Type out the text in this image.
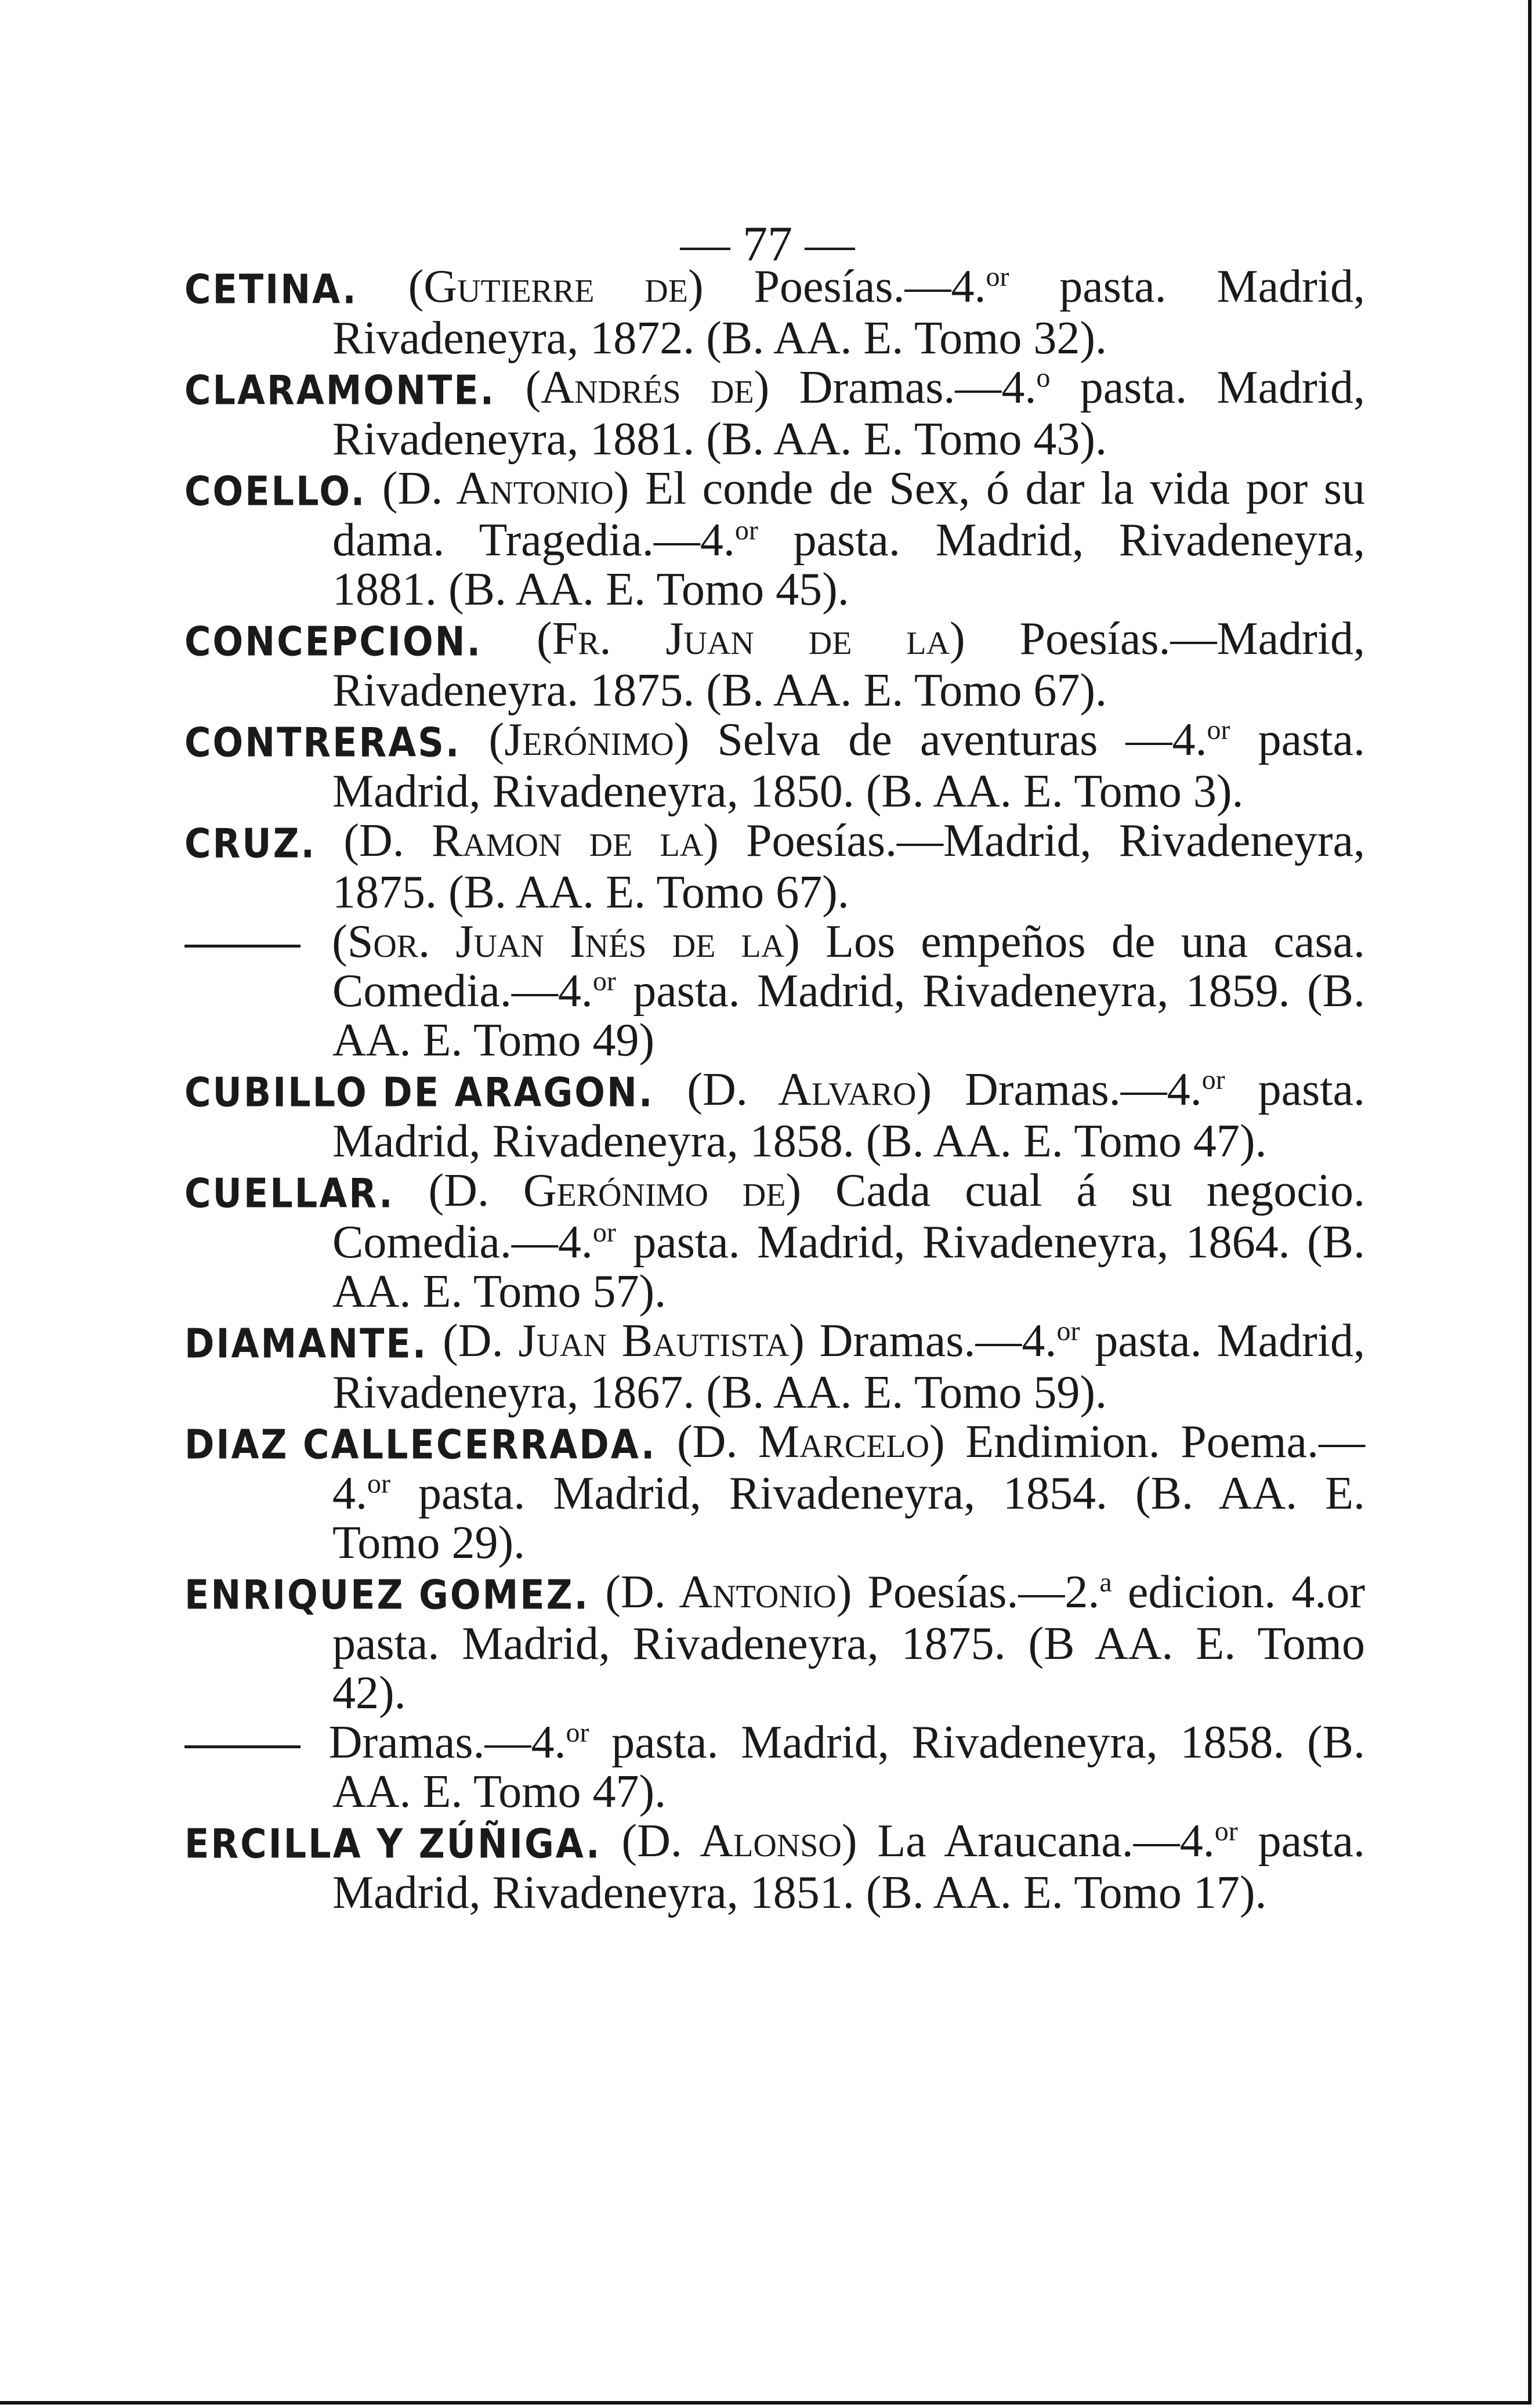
— 77 —

CETINA. (Gutierre de) Poesías.—4.$^{or}$ pasta. Madrid, Rivadeneyra, 1872. (B. AA. E. Tomo 32).

CLARAMONTE. (Andrés de) Dramas.—4.$^o$ pasta. Madrid, Rivadeneyra, 1881. (B. AA. E. Tomo 43).

COELLO. (D. Antonio) El conde de Sex, ó dar la vida por su dama. Tragedia.—4.$^{or}$ pasta. Madrid, Rivadeneyra, 1881. (B. AA. E. Tomo 45).

CONCEPCION. (Fr. Juan de la) Poesías.—Madrid, Rivadeneyra. 1875. (B. AA. E. Tomo 67).

CONTRERAS. (Jerónimo) Selva de aventuras —4.$^{or}$ pasta. Madrid, Rivadeneyra, 1850. (B. AA. E. Tomo 3).

CRUZ. (D. Ramon de la) Poesías.—Madrid, Rivadeneyra, 1875. (B. AA. E. Tomo 67).

(Sor. Juan Inés de la) Los empeños de una casa. Comedia.—4.$^{or}$ pasta. Madrid, Rivadeneyra, 1859. (B. AA. E. Tomo 49)

CUBILLO DE ARAGON. (D. Alvaro) Dramas.—4.$^{or}$ pasta. Madrid, Rivadeneyra, 1858. (B. AA. E. Tomo 47).

CUELLAR. (D. Gerónimo de) Cada cual á su negocio. Comedia.—4.$^{or}$ pasta. Madrid, Rivadeneyra, 1864. (B. AA. E. Tomo 57).

DIAMANTE. (D. Juan Bautista) Dramas.—4.$^{or}$ pasta. Madrid, Rivadeneyra, 1867. (B. AA. E. Tomo 59).

DIAZ CALLECERRADA. (D. Marcelo) Endimion. Poema.—4.$^{or}$ pasta. Madrid, Rivadeneyra, 1854. (B. AA. E. Tomo 29).

ENRIQUEZ GOMEZ. (D. Antonio) Poesías.—2.$^a$ edicion. 4.or pasta. Madrid, Rivadeneyra, 1875. (B AA. E. Tomo 42).

Dramas.—4.$^{or}$ pasta. Madrid, Rivadeneyra, 1858. (B. AA. E. Tomo 47).

ERCILLA Y ZÚÑIGA. (D. Alonso) La Araucana.—4.$^{or}$ pasta. Madrid, Rivadeneyra, 1851. (B. AA. E. Tomo 17).
